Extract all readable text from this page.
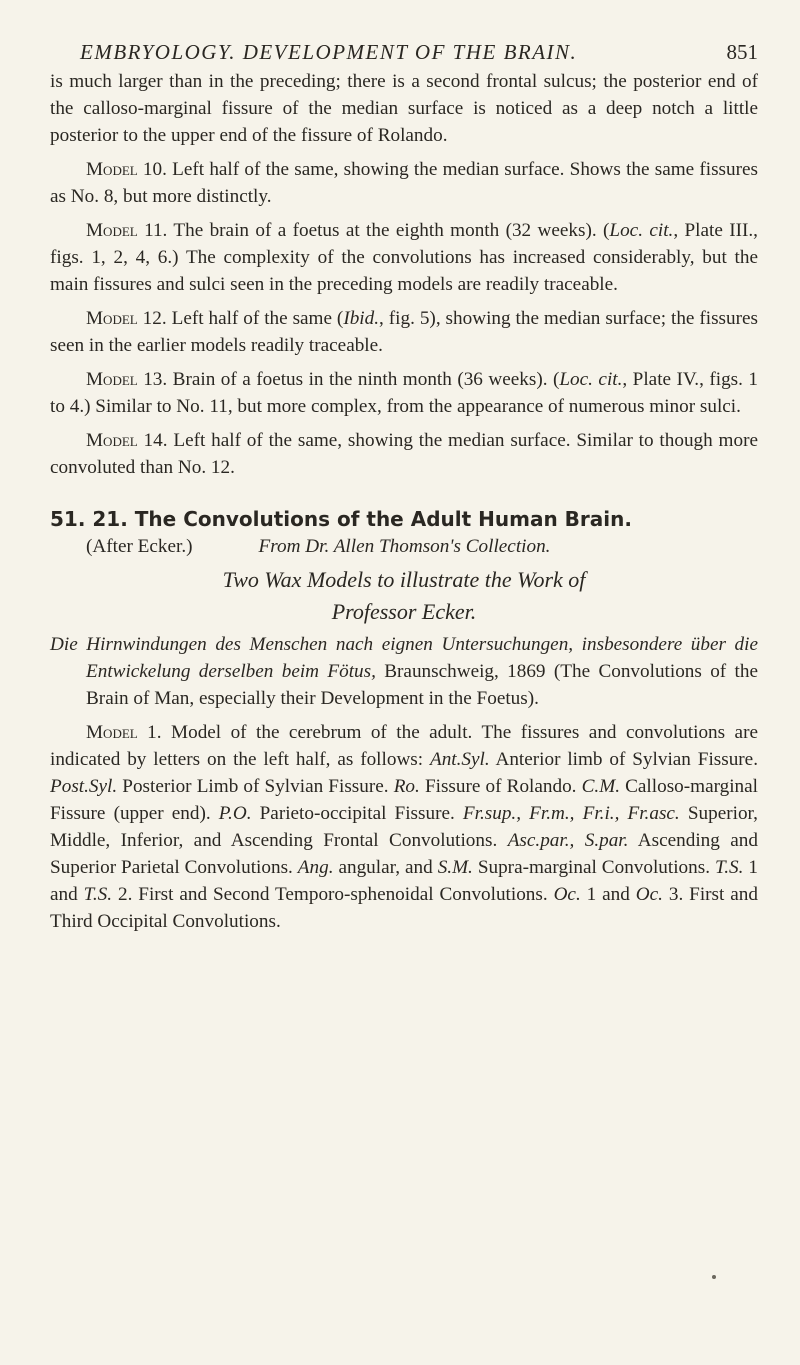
EMBRYOLOGY. DEVELOPMENT OF THE BRAIN.	851

is much larger than in the preceding; there is a second frontal sulcus; the posterior end of the calloso-marginal fissure of the median surface is noticed as a deep notch a little posterior to the upper end of the fissure of Rolando.

Model 10. Left half of the same, showing the median surface. Shows the same fissures as No. 8, but more distinctly.

Model 11. The brain of a foetus at the eighth month (32 weeks). (Loc. cit., Plate III., figs. 1, 2, 4, 6.) The complexity of the convolutions has increased considerably, but the main fissures and sulci seen in the preceding models are readily traceable.

Model 12. Left half of the same (Ibid., fig. 5), showing the median surface; the fissures seen in the earlier models readily traceable.

Model 13. Brain of a foetus in the ninth month (36 weeks). (Loc. cit., Plate IV., figs. 1 to 4.) Similar to No. 11, but more complex, from the appearance of numerous minor sulci.

Model 14. Left half of the same, showing the median surface. Similar to though more convoluted than No. 12.

51. 21. The Convolutions of the Adult Human Brain.
(After Ecker.)	From Dr. Allen Thomson's Collection.
Two Wax Models to illustrate the Work of
Professor Ecker.

Die Hirnwindungen des Menschen nach eignen Untersuchungen, insbesondere über die Entwickelung derselben beim Fötus, Braunschweig, 1869 (The Convolutions of the Brain of Man, especially their Development in the Foetus).

Model 1. Model of the cerebrum of the adult. The fissures and convolutions are indicated by letters on the left half, as follows: Ant.Syl. Anterior limb of Sylvian Fissure. Post.Syl. Posterior Limb of Sylvian Fissure. Ro. Fissure of Rolando. C.M. Calloso-marginal Fissure (upper end). P.O. Parieto-occipital Fissure. Fr.sup., Fr.m., Fr.i., Fr.asc. Superior, Middle, Inferior, and Ascending Frontal Convolutions. Asc.par., S.par. Ascending and Superior Parietal Convolutions. Ang. angular, and S.M. Supra-marginal Convolutions. T.S. 1 and T.S. 2. First and Second Temporo-sphenoidal Convolutions. Oc. 1 and Oc. 3. First and Third Occipital Convolutions.
